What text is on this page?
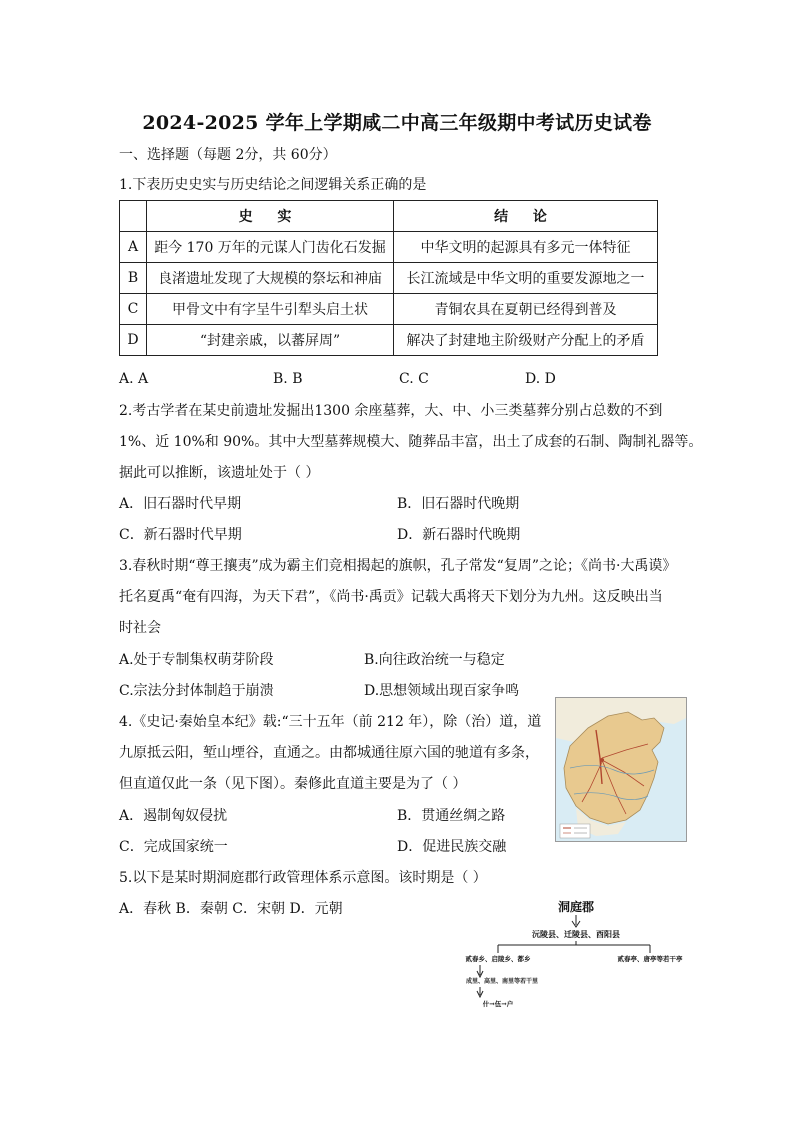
2024-2025 学年上学期咸二中高三年级期中考试历史试卷
一、选择题（每题 2分，共 60分）
1.下表历史史实与历史结论之间逻辑关系正确的是
	史 实	结 论
A	距今 170 万年的元谋人门齿化石发掘	中华文明的起源具有多元一体特征
B	良渚遗址发现了大规模的祭坛和神庙	长江流域是中华文明的重要发源地之一
C	甲骨文中有字呈牛引犁头启土状	青铜农具在夏朝已经得到普及
D	“封建亲戚，以蕃屏周”	解决了封建地主阶级财产分配上的矛盾
A. A	B. B	C. C	D. D
2.考古学者在某史前遗址发掘出1300 余座墓葬，大、中、小三类墓葬分别占总数的不到
1%、近 10%和 90%。其中大型墓葬规模大、随葬品丰富，出土了成套的石制、陶制礼器等。
据此可以推断，该遗址处于（ ）
A．旧石器时代早期	B．旧石器时代晚期
C．新石器时代早期	D．新石器时代晚期
3.春秋时期“尊王攘夷”成为霸主们竞相揭起的旗帜，孔子常发“复周”之论；《尚书·大禹谟》
托名夏禹“奄有四海，为天下君”，《尚书·禹贡》记载大禹将天下划分为九州。这反映出当
时社会
A.处于专制集权萌芽阶段	B.向往政治统一与稳定
C.宗法分封体制趋于崩溃	D.思想领域出现百家争鸣
4.《史记·秦始皇本纪》载:“三十五年（前 212 年），除（治）道，道
九原抵云阳，堑山堙谷，直通之。由都城通往原六国的驰道有多条，
但直道仅此一条（见下图）。秦修此直道主要是为了（ ）
A．遏制匈奴侵扰	B．贯通丝绸之路
C．完成国家统一	D．促进民族交融
5.以下是某时期洞庭郡行政管理体系示意图。该时期是（ ）
A．春秋 B．秦朝 C．宋朝 D．元朝	洞庭郡
沅陵县、迁陵县、酉阳县
贰春乡、启陵乡、都乡	贰春亭、唐亭等若干亭
成里、高里、南里等若干里
什→伍→户
